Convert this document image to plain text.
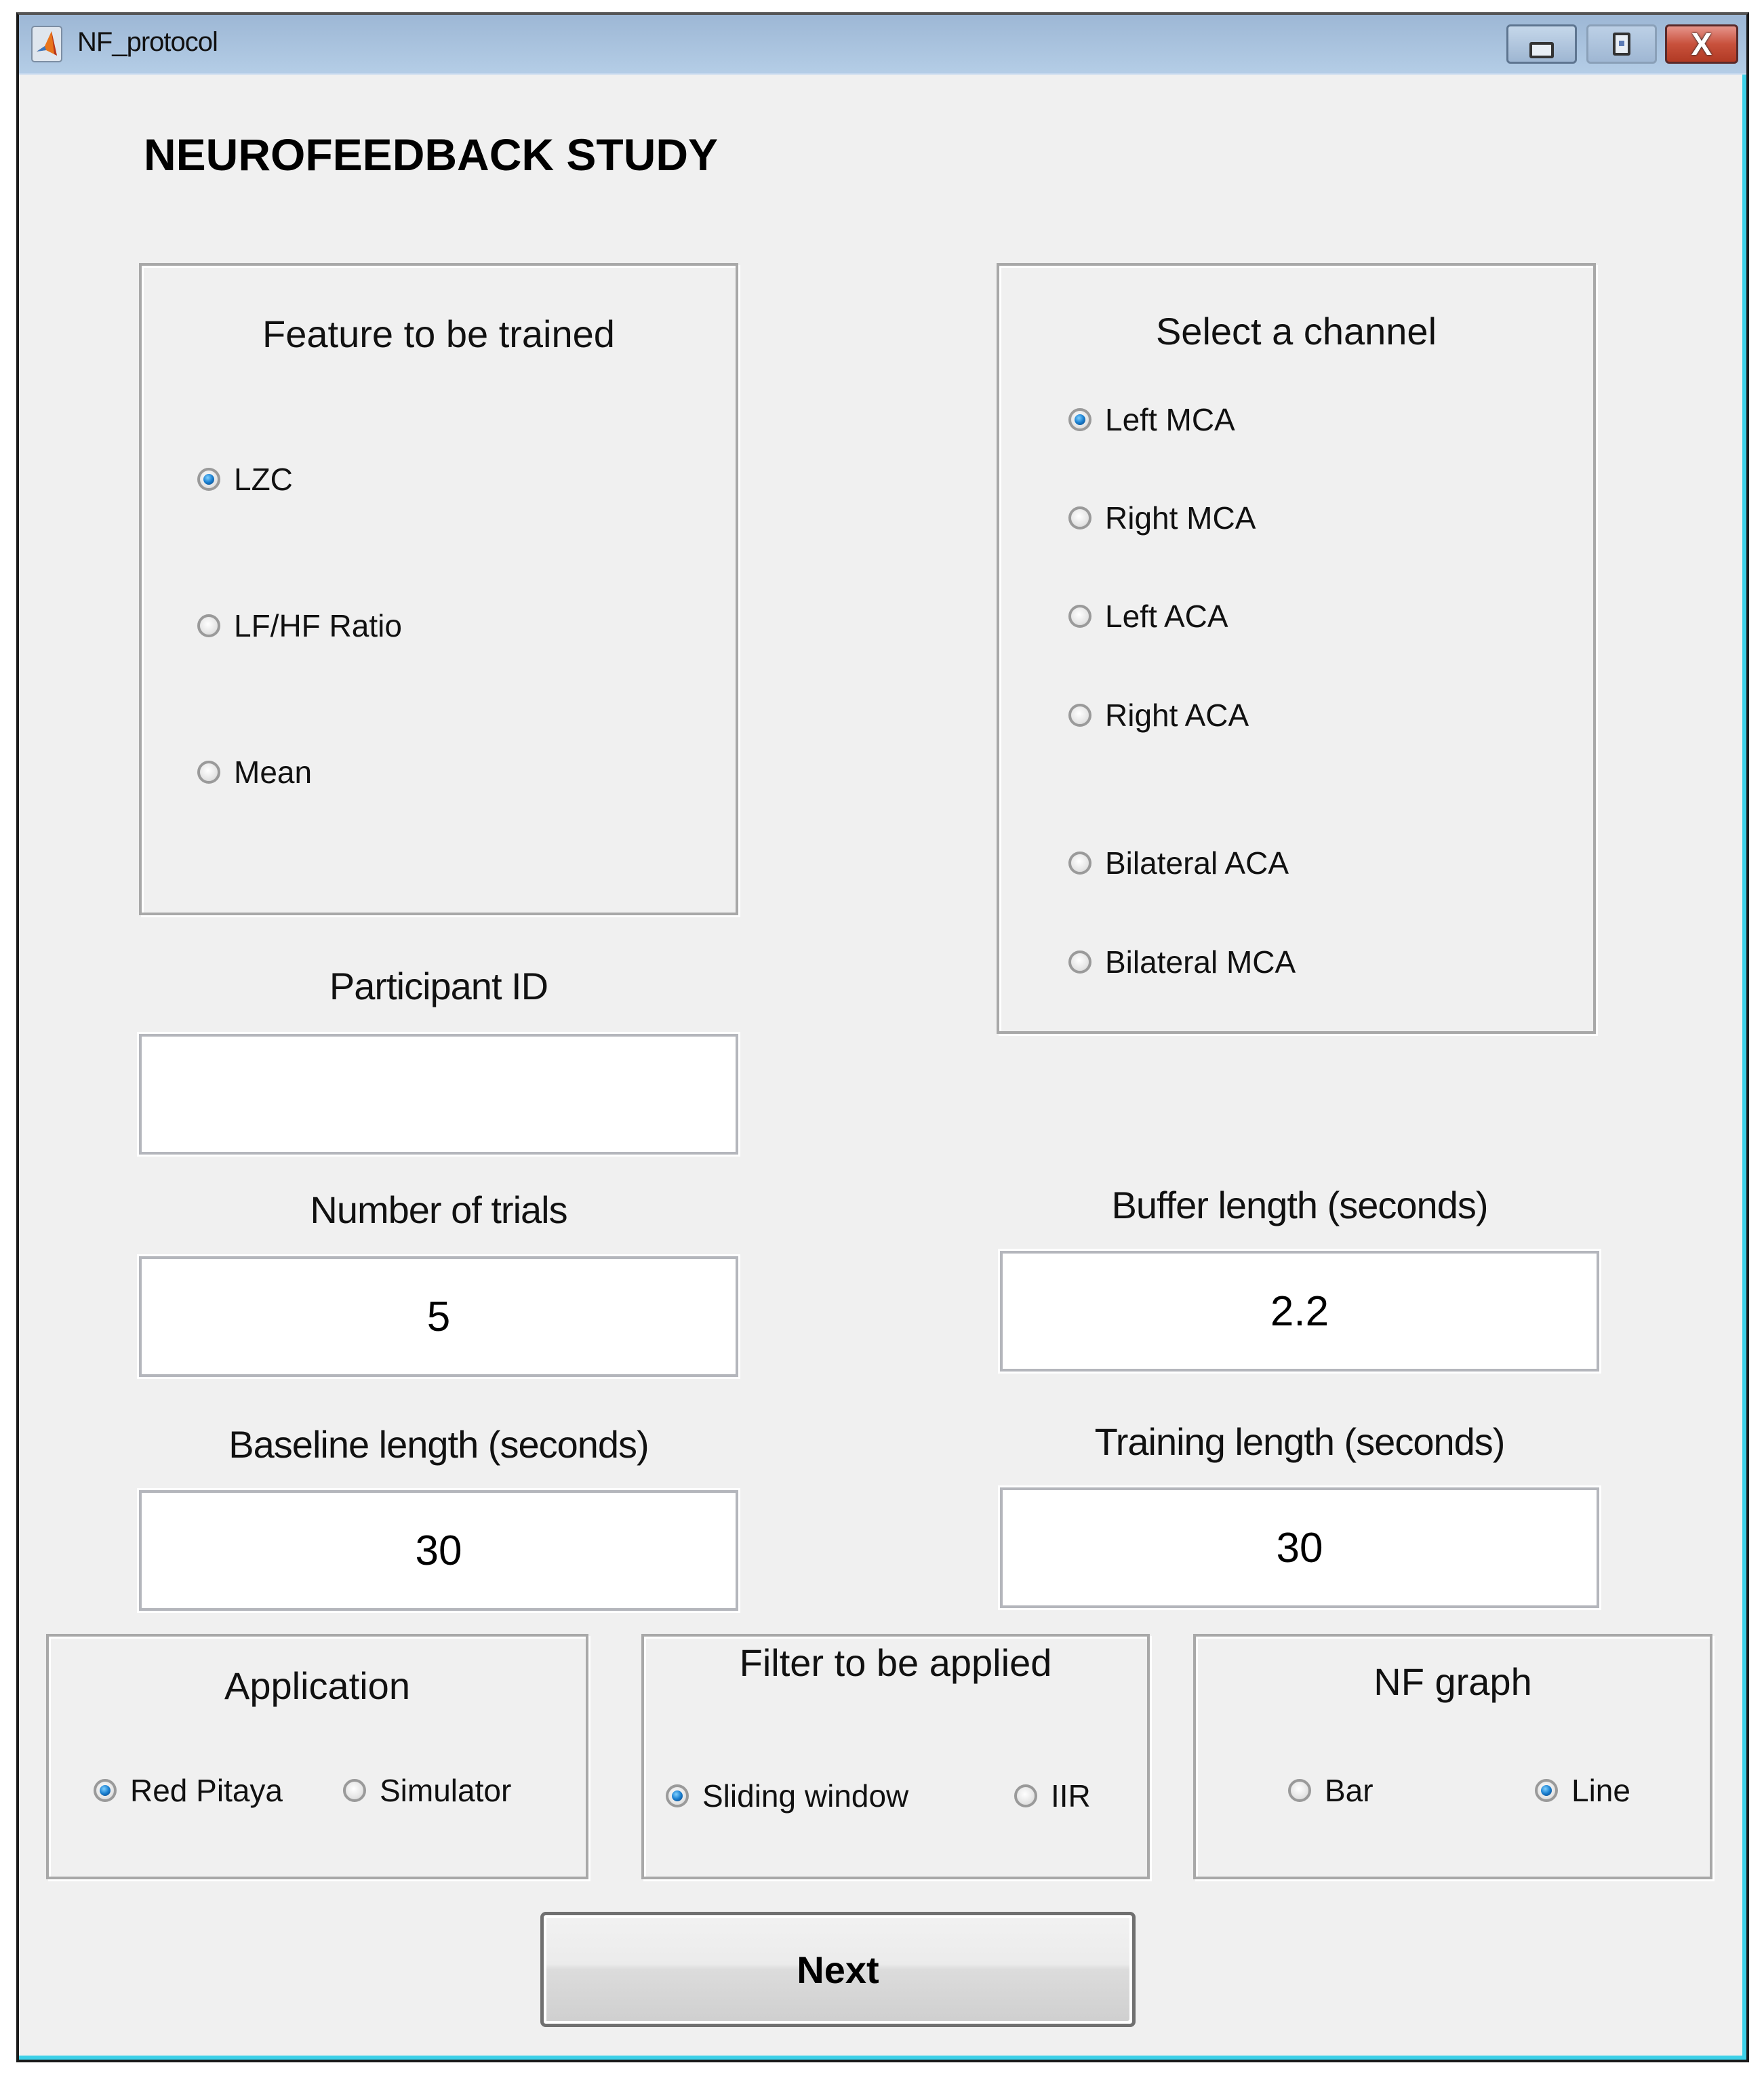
NF_protocol	X
NEUROFEEDBACK STUDY
Feature to be trained
LZC
LF/HF Ratio
Mean
Select a channel
Left MCA
Right MCA
Left ACA
Right ACA
Bilateral ACA
Bilateral MCA
Participant ID
Number of trials
5	Buffer length (seconds)
2.2
Baseline length (seconds)
30	Training length (seconds)
30
Application
Red Pitaya	Simulator
Filter to be applied
Sliding window	IIR
NF graph
Bar	Line
Next
